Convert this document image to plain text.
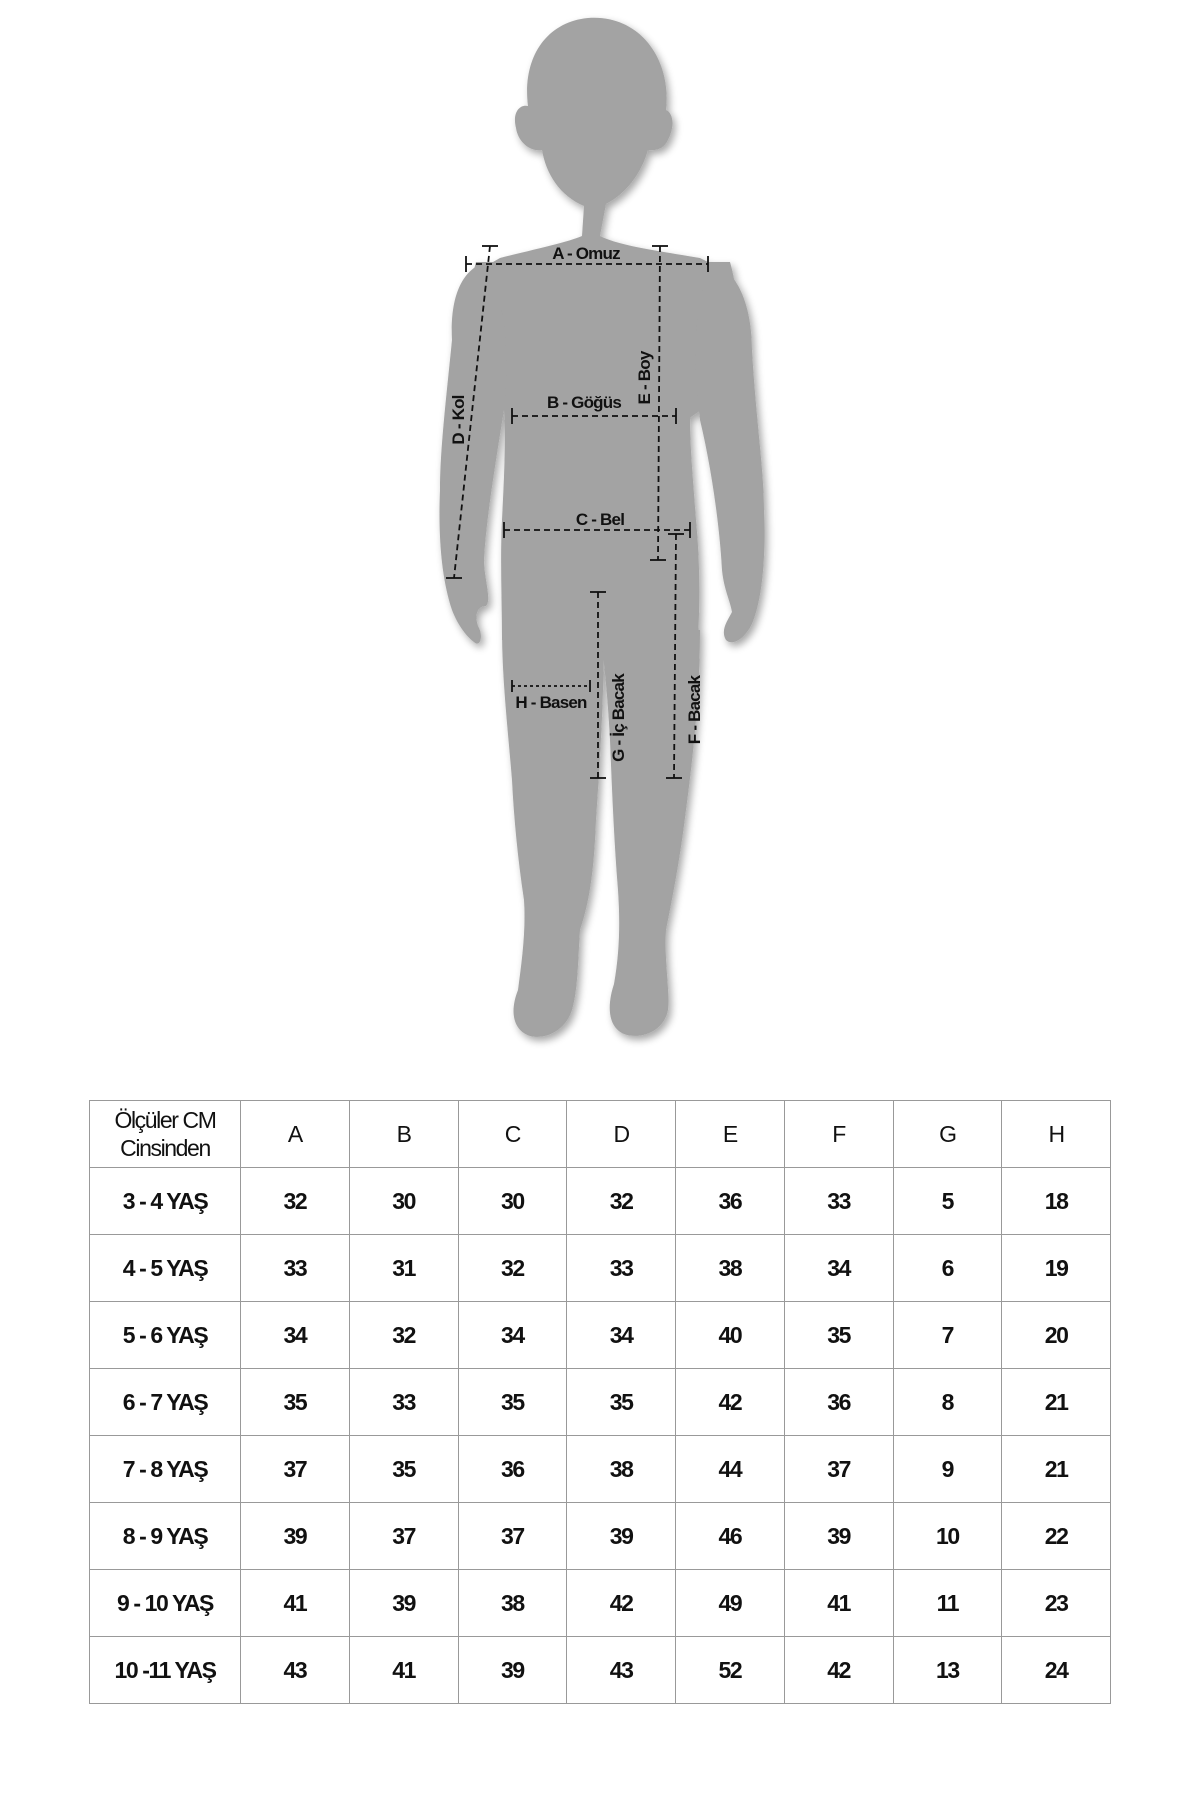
A - Omuz
B - Göğüs
C - Bel
D - Kol
E - Boy
F - Bacak
G - İç Bacak
H - Basen
Ölçüler CM
Cinsinden	A	B	C	D	E	F	G	H
3 - 4 YAŞ	32	30	30	32	36	33	5	18
4 - 5 YAŞ	33	31	32	33	38	34	6	19
5 - 6 YAŞ	34	32	34	34	40	35	7	20
6 - 7 YAŞ	35	33	35	35	42	36	8	21
7 - 8 YAŞ	37	35	36	38	44	37	9	21
8 - 9 YAŞ	39	37	37	39	46	39	10	22
9 - 10 YAŞ	41	39	38	42	49	41	11	23
10 -11 YAŞ	43	41	39	43	52	42	13	24
